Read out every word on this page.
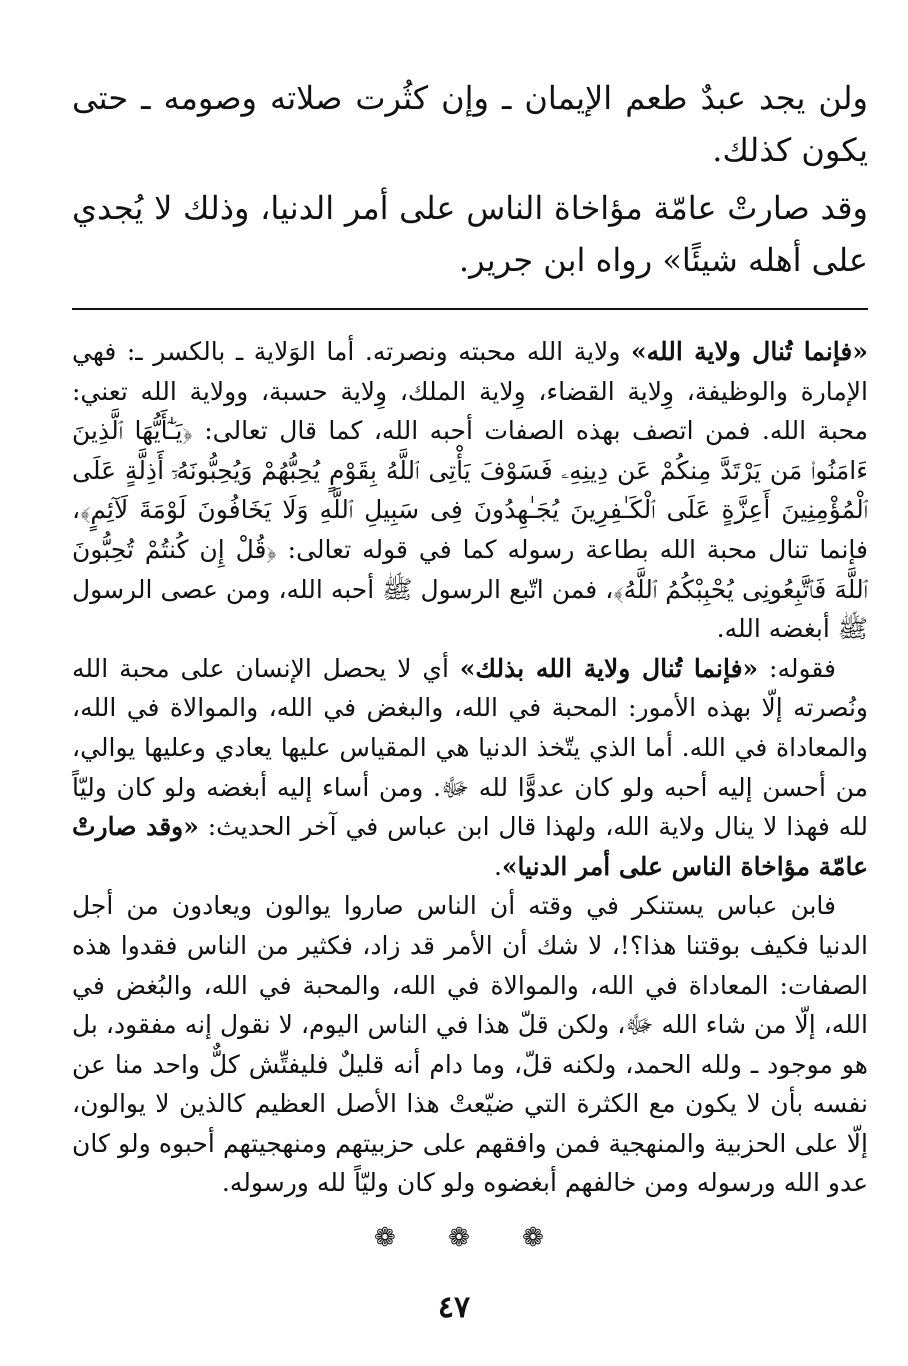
ولن يجد عبدٌ طعم الإيمان ـ وإن كثُرت صلاته وصومه ـ حتى يكون كذلك.

وقد صارتْ عامّة مؤاخاة الناس على أمر الدنيا، وذلك لا يُجدي على أهله شيئًا» رواه ابن جرير.

«فإنما تُنال ولاية الله» ولاية الله محبته ونصرته. أما الوَلاية ـ بالكسر ـ: فهي الإمارة والوظيفة، وِلاية القضاء، وِلاية الملك، وِلاية حسبة، وولاية الله تعني: محبة الله. فمن اتصف بهذه الصفات أحبه الله، كما قال تعالى: ﴿يَـٰٓأَيُّهَا ٱلَّذِينَ ءَامَنُوا۟ مَن يَرْتَدَّ مِنكُمْ عَن دِينِهِۦ فَسَوْفَ يَأْتِى ٱللَّهُ بِقَوْمٍ يُحِبُّهُمْ وَيُحِبُّونَهُۥٓ أَذِلَّةٍ عَلَى ٱلْمُؤْمِنِينَ أَعِزَّةٍ عَلَى ٱلْكَـٰفِرِينَ يُجَـٰهِدُونَ فِى سَبِيلِ ٱللَّهِ وَلَا يَخَافُونَ لَوْمَةَ لَآئِمٍ﴾، فإنما تنال محبة الله بطاعة رسوله كما في قوله تعالى: ﴿قُلْ إِن كُنتُمْ تُحِبُّونَ ٱللَّهَ فَٱتَّبِعُونِى يُحْبِبْكُمُ ٱللَّهُ﴾، فمن اتّبع الرسول ﷺ أحبه الله، ومن عصى الرسول ﷺ أبغضه الله.

فقوله: «فإنما تُنال ولاية الله بذلك» أي لا يحصل الإنسان على محبة الله ونُصرته إلّا بهذه الأمور: المحبة في الله، والبغض في الله، والموالاة في الله، والمعاداة في الله. أما الذي يتّخذ الدنيا هي المقياس عليها يعادي وعليها يوالي، من أحسن إليه أحبه ولو كان عدوًّا لله ﷻ. ومن أساء إليه أبغضه ولو كان وليّاً لله فهذا لا ينال ولاية الله، ولهذا قال ابن عباس في آخر الحديث: «وقد صارتْ عامّة مؤاخاة الناس على أمر الدنيا».

فابن عباس يستنكر في وقته أن الناس صاروا يوالون ويعادون من أجل الدنيا فكيف بوقتنا هذا؟!، لا شك أن الأمر قد زاد، فكثير من الناس فقدوا هذه الصفات: المعاداة في الله، والموالاة في الله، والمحبة في الله، والبُغض في الله، إلّا من شاء الله ﷻ، ولكن قلّ هذا في الناس اليوم، لا نقول إنه مفقود، بل هو موجود ـ ولله الحمد، ولكنه قلّ، وما دام أنه قليلٌ فليفتِّش كلٌّ واحد منا عن نفسه بأن لا يكون مع الكثرة التي ضيّعتْ هذا الأصل العظيم كالذين لا يوالون، إلّا على الحزبية والمنهجية فمن وافقهم على حزبيتهم ومنهجيتهم أحبوه ولو كان عدو الله ورسوله ومن خالفهم أبغضوه ولو كان وليّاً لله ورسوله.

❁ ❁ ❁
٤٧
